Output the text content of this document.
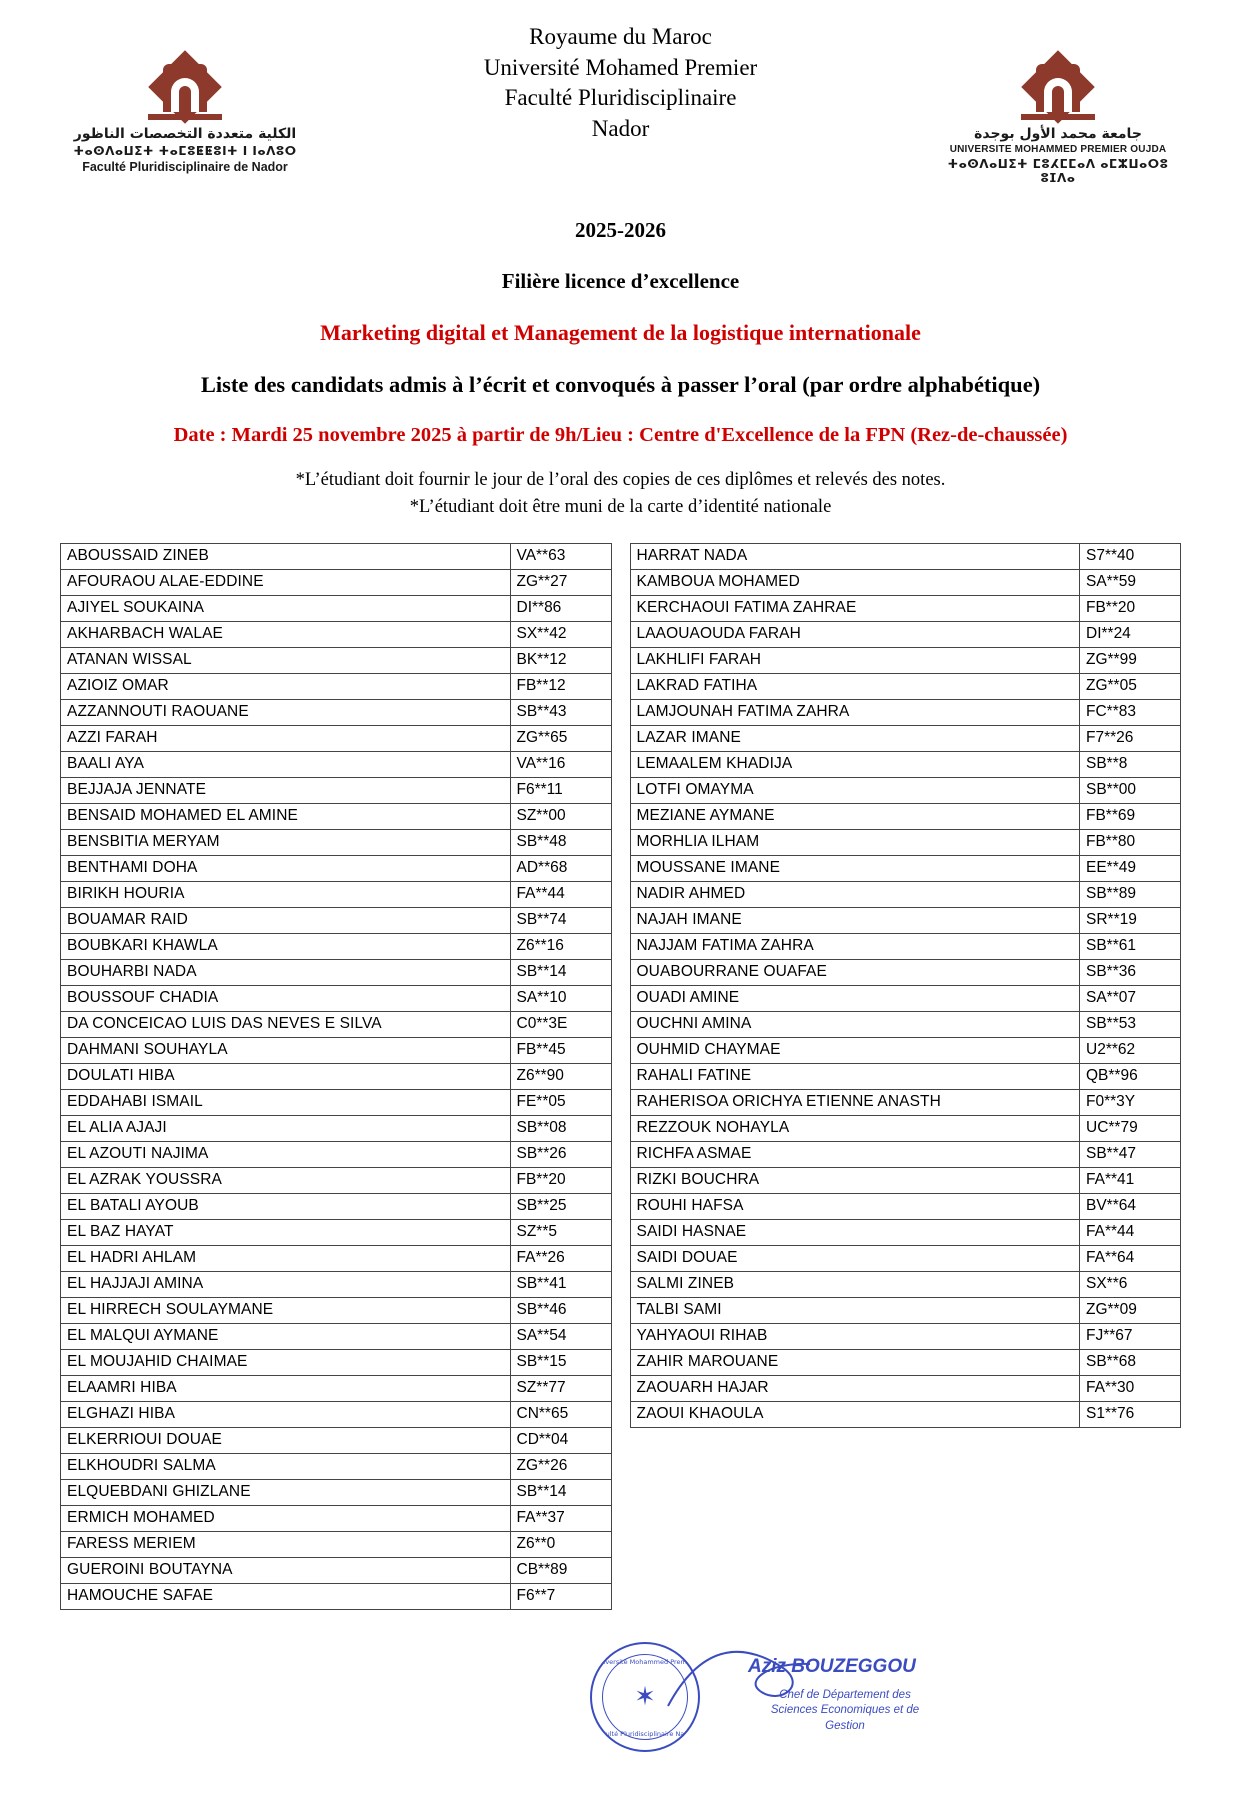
Royaume du Maroc
Université Mohamed Premier
Faculté Pluridisciplinaire
Nador
الكلية متعددة التخصصات الناظور
ⵜⴰⵙⴷⴰⵡⵉⵜ ⵜⴰⵎⵓⵟⵟⵓⵏⵜ ⵏ ⵏⴰⴷⵓⵔ
Faculté Pluridisciplinaire de Nador
جامعة محمد الأول بوجدة
UNIVERSITE MOHAMMED PREMIER OUJDA
ⵜⴰⵙⴷⴰⵡⵉⵜ ⵎⵓⵃⵎⵎⴰⴷ ⴰⵎⵣⵡⴰⵔⵓ ⵓⵊⴷⴰ
2025-2026
Filière licence d’excellence
Marketing digital et Management de la logistique internationale
Liste des candidats admis à l’écrit et convoqués à passer l’oral (par ordre alphabétique)
Date : Mardi 25 novembre 2025 à partir de 9h/Lieu : Centre d'Excellence de la FPN (Rez-de-chaussée)
*L’étudiant doit fournir le jour de l’oral des copies de ces diplômes et relevés des notes.
*L’étudiant doit être muni de la carte d’identité nationale
ABOUSSAID ZINEB	VA**63
AFOURAOU ALAE-EDDINE	ZG**27
AJIYEL SOUKAINA	DI**86
AKHARBACH WALAE	SX**42
ATANAN WISSAL	BK**12
AZIOIZ OMAR	FB**12
AZZANNOUTI RAOUANE	SB**43
AZZI FARAH	ZG**65
BAALI AYA	VA**16
BEJJAJA JENNATE	F6**11
BENSAID MOHAMED EL AMINE	SZ**00
BENSBITIA MERYAM	SB**48
BENTHAMI DOHA	AD**68
BIRIKH HOURIA	FA**44
BOUAMAR RAID	SB**74
BOUBKARI KHAWLA	Z6**16
BOUHARBI NADA	SB**14
BOUSSOUF CHADIA	SA**10
DA CONCEICAO LUIS DAS NEVES E SILVA	C0**3E
DAHMANI SOUHAYLA	FB**45
DOULATI HIBA	Z6**90
EDDAHABI ISMAIL	FE**05
EL ALIA AJAJI	SB**08
EL AZOUTI NAJIMA	SB**26
EL AZRAK YOUSSRA	FB**20
EL BATALI AYOUB	SB**25
EL BAZ HAYAT	SZ**5
EL HADRI AHLAM	FA**26
EL HAJJAJI AMINA	SB**41
EL HIRRECH SOULAYMANE	SB**46
EL MALQUI AYMANE	SA**54
EL MOUJAHID CHAIMAE	SB**15
ELAAMRI HIBA	SZ**77
ELGHAZI HIBA	CN**65
ELKERRIOUI DOUAE	CD**04
ELKHOUDRI SALMA	ZG**26
ELQUEBDANI GHIZLANE	SB**14
ERMICH MOHAMED	FA**37
FARESS MERIEM	Z6**0
GUEROINI BOUTAYNA	CB**89
HAMOUCHE SAFAE	F6**7
HARRAT NADA	S7**40
KAMBOUA MOHAMED	SA**59
KERCHAOUI FATIMA ZAHRAE	FB**20
LAAOUAOUDA FARAH	DI**24
LAKHLIFI FARAH	ZG**99
LAKRAD FATIHA	ZG**05
LAMJOUNAH FATIMA ZAHRA	FC**83
LAZAR IMANE	F7**26
LEMAALEM KHADIJA	SB**8
LOTFI OMAYMA	SB**00
MEZIANE AYMANE	FB**69
MORHLIA ILHAM	FB**80
MOUSSANE IMANE	EE**49
NADIR AHMED	SB**89
NAJAH IMANE	SR**19
NAJJAM FATIMA ZAHRA	SB**61
OUABOURRANE OUAFAE	SB**36
OUADI AMINE	SA**07
OUCHNI AMINA	SB**53
OUHMID CHAYMAE	U2**62
RAHALI FATINE	QB**96
RAHERISOA ORICHYA ETIENNE ANASTH	F0**3Y
REZZOUK NOHAYLA	UC**79
RICHFA ASMAE	SB**47
RIZKI BOUCHRA	FA**41
ROUHI HAFSA	BV**64
SAIDI HASNAE	FA**44
SAIDI DOUAE	FA**64
SALMI ZINEB	SX**6
TALBI SAMI	ZG**09
YAHYAOUI RIHAB	FJ**67
ZAHIR MAROUANE	SB**68
ZAOUARH HAJAR	FA**30
ZAOUI KHAOULA	S1**76
Université Mohammed Premier
✶
Faculté Pluridisciplinaire Nador
Aziz BOUZEGGOU
Chef de Département des Sciences Economiques et de Gestion
